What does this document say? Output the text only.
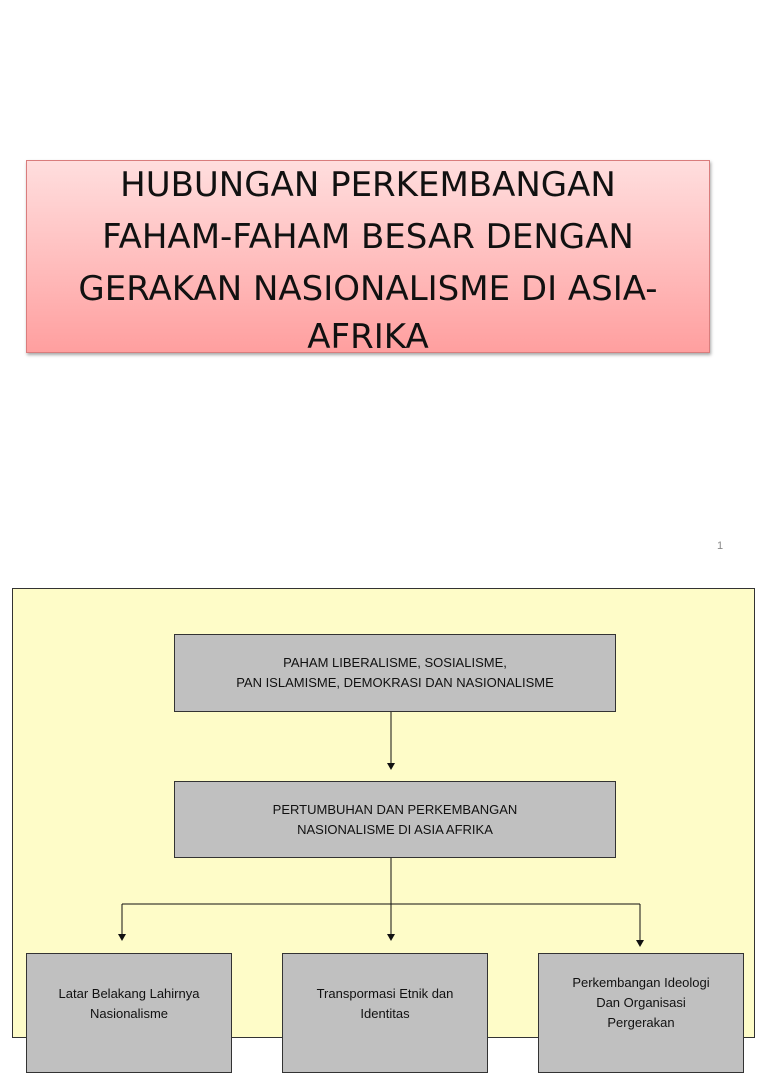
HUBUNGAN PERKEMBANGAN
FAHAM-FAHAM BESAR DENGAN
GERAKAN NASIONALISME DI ASIA-
AFRIKA
1
PAHAM LIBERALISME, SOSIALISME,
PAN ISLAMISME, DEMOKRASI DAN NASIONALISME
PERTUMBUHAN DAN PERKEMBANGAN
NASIONALISME DI ASIA AFRIKA
Latar Belakang Lahirnya
Nasionalisme
Transpormasi Etnik dan
Identitas
Perkembangan Ideologi
Dan Organisasi
Pergerakan
